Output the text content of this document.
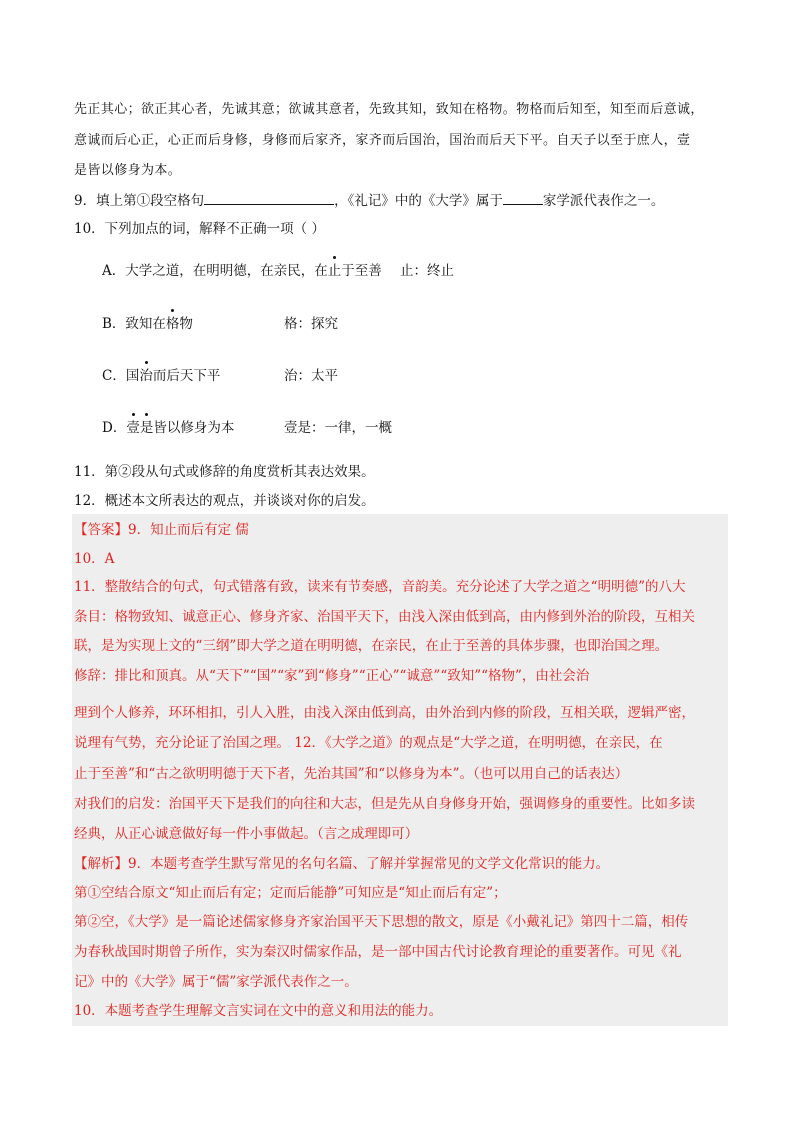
先正其心；欲正其心者，先诚其意；欲诚其意者，先致其知，致知在格物。物格而后知至，知至而后意诚，
意诚而后心正，心正而后身修，身修而后家齐，家齐而后国治，国治而后天下平。自天子以至于庶人，壹
是皆以修身为本。
9．填上第①段空格句	，《礼记》中的《大学》属于	家学派代表作之一。
10．下列加点的词，解释不正确一项（ ）
A．大学之道，在明明德，在亲民，在止于至善 止：终止
B．致知在格物	格：探究
C．国治而后天下平	治：太平
D．壹是皆以修身为本	壹是：一律，一概
11．第②段从句式或修辞的角度赏析其表达效果。
12．概述本文所表达的观点，并谈谈对你的启发。
【答案】9．知止而后有定 儒
10．A
11．整散结合的句式，句式错落有致，读来有节奏感，音韵美。充分论述了大学之道之“明明德”的八大
条目：格物致知、诚意正心、修身齐家、治国平天下，由浅入深由低到高，由内修到外治的阶段，互相关
联，是为实现上文的“三纲”即大学之道在明明德，在亲民，在止于至善的具体步骤，也即治国之理。
修辞：排比和顶真。从“天下”“国”“家”到“修身”“正心”“诚意”“致知”“格物”，由社会治
理到个人修养，环环相扣，引人入胜，由浅入深由低到高，由外治到内修的阶段，互相关联，逻辑严密，
说理有气势，充分论证了治国之理。 12．《大学之道》的观点是“大学之道，在明明德，在亲民，在
止于至善”和“古之欲明明德于天下者，先治其国”和“以修身为本”。（也可以用自己的话表达）
对我们的启发：治国平天下是我们的向往和大志，但是先从自身修身开始，强调修身的重要性。比如多读
经典，从正心诚意做好每一件小事做起。（言之成理即可）
【解析】9．本题考查学生默写常见的名句名篇、了解并掌握常见的文学文化常识的能力。
第①空结合原文“知止而后有定；定而后能静”可知应是“知止而后有定”；
第②空，《大学》是一篇论述儒家修身齐家治国平天下思想的散文，原是《小戴礼记》第四十二篇，相传
为春秋战国时期曾子所作，实为秦汉时儒家作品，是一部中国古代讨论教育理论的重要著作。可见《礼
记》中的《大学》属于“儒”家学派代表作之一。
10．本题考查学生理解文言实词在文中的意义和用法的能力。
